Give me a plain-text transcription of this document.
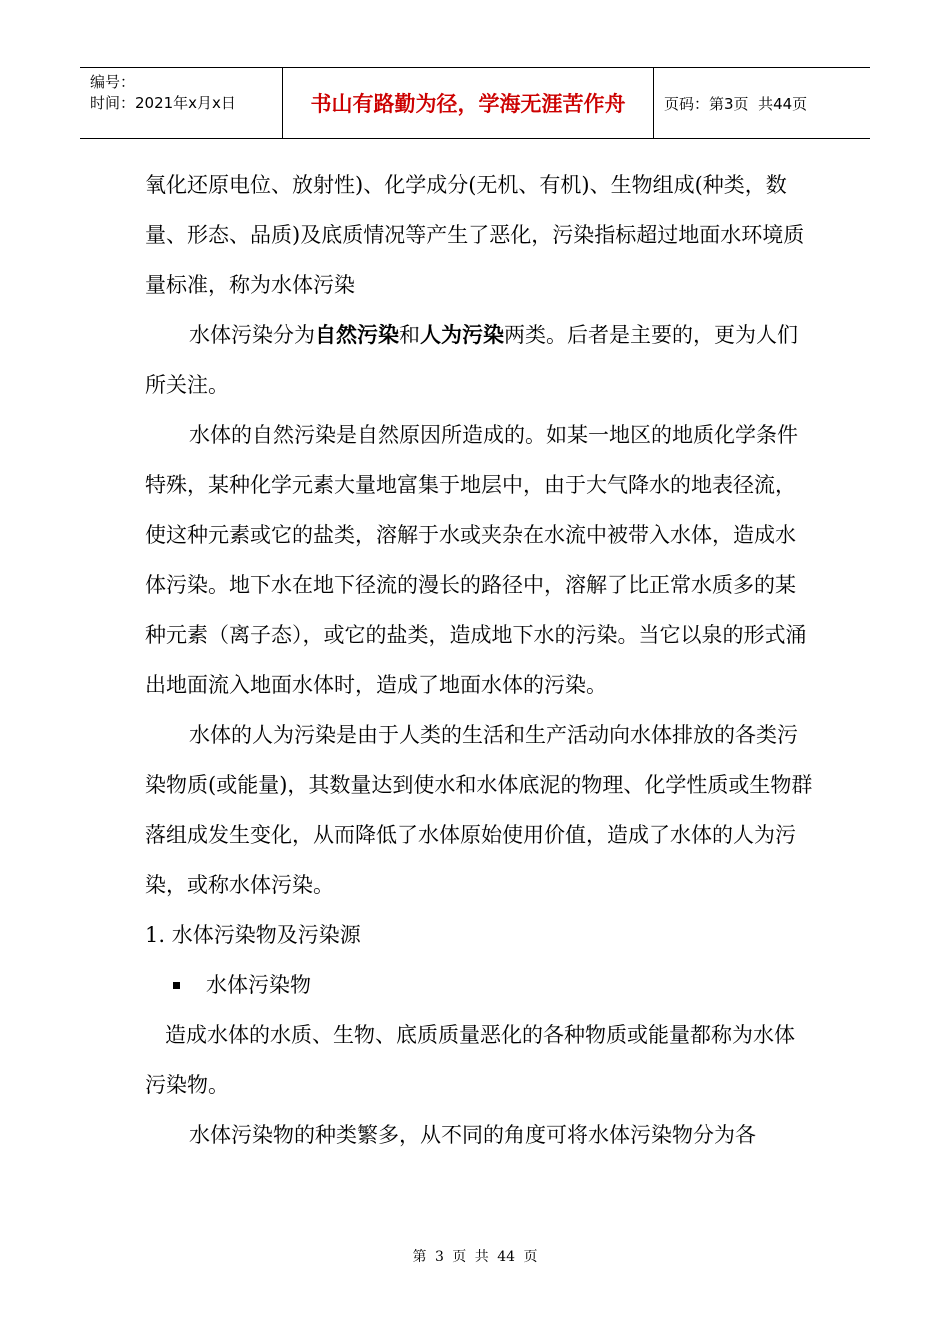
编号：
时间：2021年x月x日	书山有路勤为径，学海无涯苦作舟	页码：第3页  共44页

氧化还原电位、放射性)、化学成分(无机、有机)、生物组成(种类，数量、形态、品质)及底质情况等产生了恶化，污染指标超过地面水环境质量标准，称为水体污染

水体污染分为自然污染和人为污染两类。后者是主要的，更为人们所关注。

水体的自然污染是自然原因所造成的。如某一地区的地质化学条件特殊，某种化学元素大量地富集于地层中，由于大气降水的地表径流，使这种元素或它的盐类，溶解于水或夹杂在水流中被带入水体，造成水体污染。地下水在地下径流的漫长的路径中，溶解了比正常水质多的某种元素（离子态），或它的盐类，造成地下水的污染。当它以泉的形式涌出地面流入地面水体时，造成了地面水体的污染。

水体的人为污染是由于人类的生活和生产活动向水体排放的各类污染物质(或能量)，其数量达到使水和水体底泥的物理、化学性质或生物群落组成发生变化，从而降低了水体原始使用价值，造成了水体的人为污染，或称水体污染。

1. 水体污染物及污染源

水体污染物

造成水体的水质、生物、底质质量恶化的各种物质或能量都称为水体污染物。

水体污染物的种类繁多，从不同的角度可将水体污染物分为各

第 3 页 共 44 页
